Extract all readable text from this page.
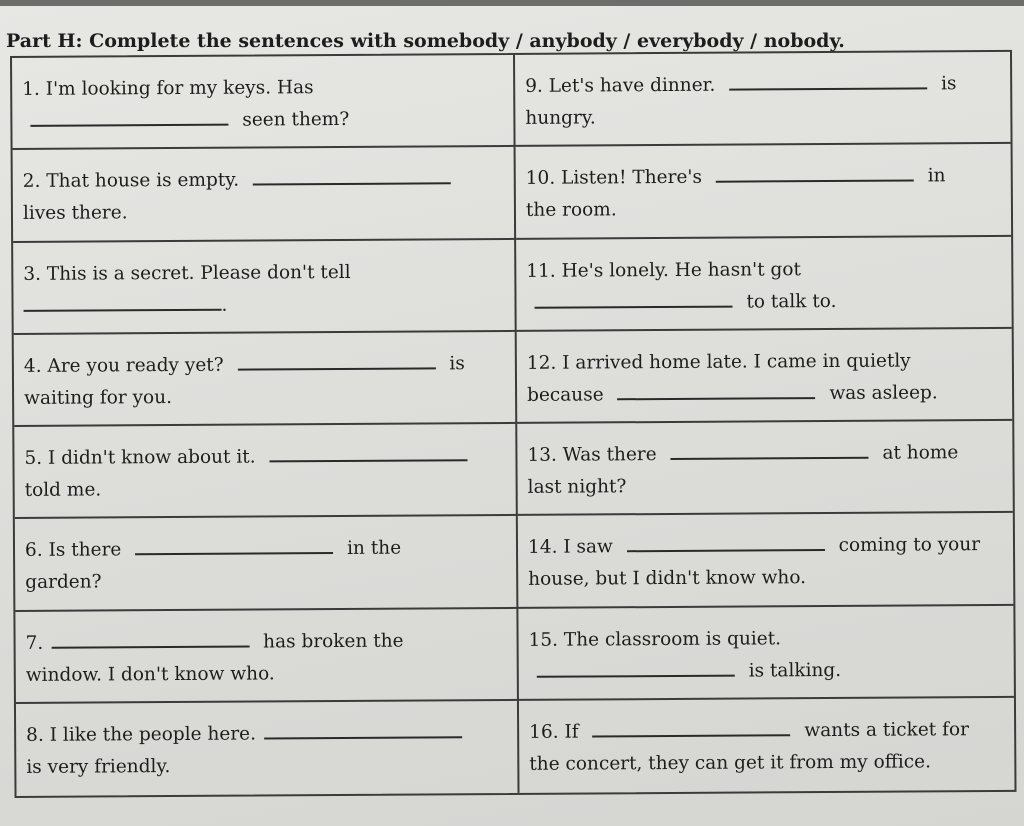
Part H: Complete the sentences with somebody / anybody / everybody / nobody.
1. I'm looking for my keys. Has
seen them?
9. Let's have dinner.	is
hungry.
2. That house is empty.
lives there.
10. Listen! There's	in
the room.
3. This is a secret. Please don't tell
.
11. He's lonely. He hasn't got
to talk to.
4. Are you ready yet?	is
waiting for you.
12. I arrived home late. I came in quietly
because	was asleep.
5. I didn't know about it.
told me.
13. Was there	at home
last night?
6. Is there	in the
garden?
14. I saw	coming to your
house, but I didn't know who.
7.	has broken the
window. I don't know who.
15. The classroom is quiet.
is talking.
8. I like the people here.
is very friendly.
16. If	wants a ticket for
the concert, they can get it from my office.
